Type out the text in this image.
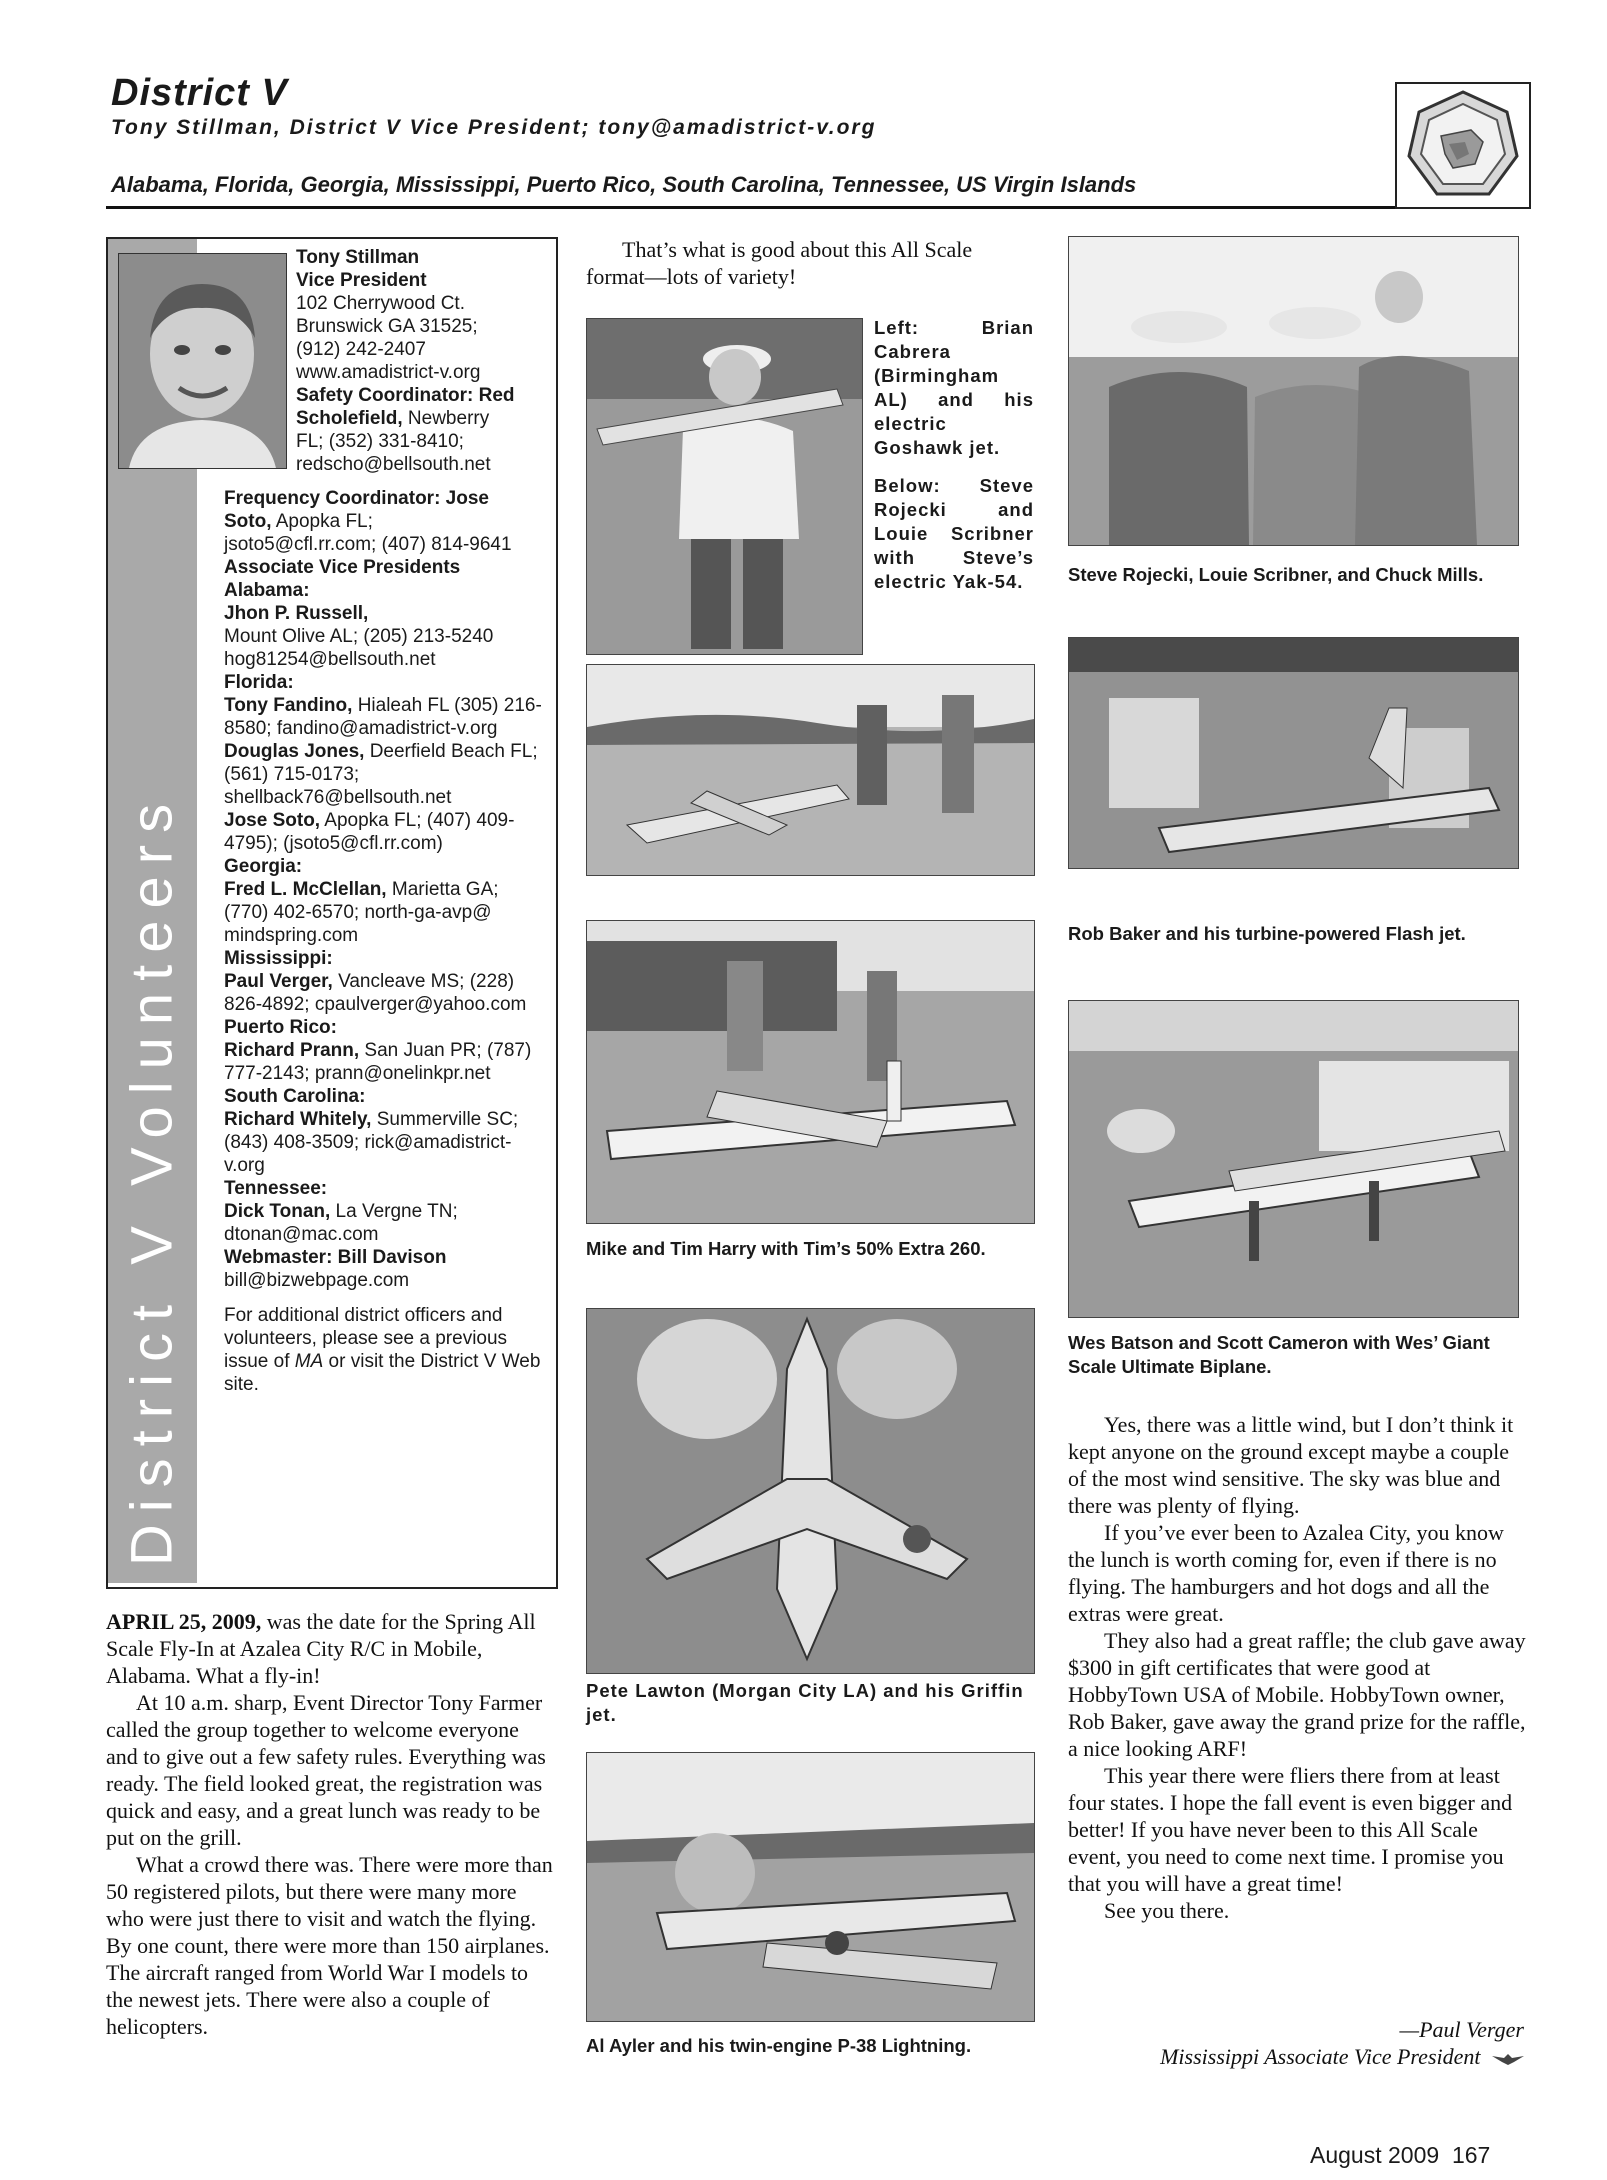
District V
Tony Stillman, District V Vice President; tony@amadistrict-v.org
Alabama, Florida, Georgia, Mississippi, Puerto Rico, South Carolina, Tennessee, US Virgin Islands
District V Volunteers
Tony Stillman
Vice President
102 Cherrywood Ct.
Brunswick GA 31525;
(912) 242-2407
www.amadistrict-v.org
Safety Coordinator: Red
Scholefield, Newberry
FL; (352) 331-8410;
redscho@bellsouth.net

Frequency Coordinator: Jose

Soto, Apopka FL;

jsoto5@cfl.rr.com; (407) 814-9641

Associate Vice Presidents

Alabama:

Jhon P. Russell,

Mount Olive AL; (205) 213-5240 hog81254@bellsouth.net

Florida:

Tony Fandino, Hialeah FL (305) 216-8580; fandino@amadistrict-v.org

Douglas Jones, Deerfield Beach FL; (561) 715-0173; shellback76@bellsouth.net

Jose Soto, Apopka FL; (407) 409-4795); (jsoto5@cfl.rr.com)

Georgia:

Fred L. McClellan, Marietta GA; (770) 402-6570; north-ga-avp@ mindspring.com

Mississippi:

Paul Verger, Vancleave MS; (228) 826-4892; cpaulverger@yahoo.com

Puerto Rico:

Richard Prann, San Juan PR; (787) 777-2143; prann@onelinkpr.net

South Carolina:

Richard Whitely, Summerville SC; (843) 408-3509; rick@amadistrict-v.org

Tennessee:

Dick Tonan, La Vergne TN; dtonan@mac.com

Webmaster: Bill Davison

bill@bizwebpage.com

For additional district officers and volunteers, please see a previous issue of MA or visit the District V Web site.

APRIL 25, 2009, was the date for the Spring All Scale Fly-In at Azalea City R/C in Mobile, Alabama. What a fly-in!

At 10 a.m. sharp, Event Director Tony Farmer called the group together to welcome everyone and to give out a few safety rules. Everything was ready. The field looked great, the registration was quick and easy, and a great lunch was ready to be put on the grill.

What a crowd there was. There were more than 50 registered pilots, but there were many more who were just there to visit and watch the flying. By one count, there were more than 150 airplanes. The aircraft ranged from World War I models to the newest jets. There were also a couple of helicopters.

That’s what is good about this All Scale format—lots of variety!

Left: Brian Cabrera (Birmingham AL) and his electric Goshawk jet.

Below: Steve Rojecki and Louie Scribner with Steve’s electric Yak-54.

Mike and Tim Harry with Tim’s 50% Extra 260.
Pete Lawton (Morgan City LA) and his Griffin jet.
Al Ayler and his twin-engine P-38 Lightning.
Steve Rojecki, Louie Scribner, and Chuck Mills.
Rob Baker and his turbine-powered Flash jet.
Wes Batson and Scott Cameron with Wes’ Giant Scale Ultimate Biplane.

Yes, there was a little wind, but I don’t think it kept anyone on the ground except maybe a couple of the most wind sensitive. The sky was blue and there was plenty of flying.

If you’ve ever been to Azalea City, you know the lunch is worth coming for, even if there is no flying. The hamburgers and hot dogs and all the extras were great.

They also had a great raffle; the club gave away $300 in gift certificates that were good at HobbyTown USA of Mobile. HobbyTown owner, Rob Baker, gave away the grand prize for the raffle, a nice looking ARF!

This year there were fliers there from at least four states. I hope the fall event is even bigger and better! If you have never been to this All Scale event, you need to come next time. I promise you that you will have a great time!

See you there.

—Paul Verger

Mississippi Associate Vice President

August 2009 167
